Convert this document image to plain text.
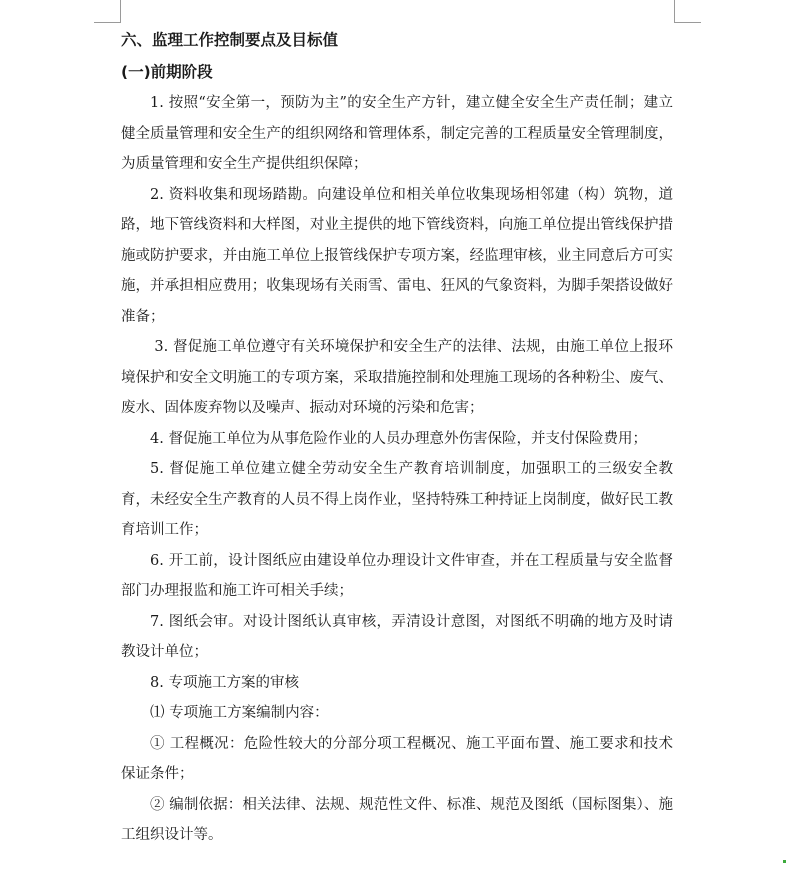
六、监理工作控制要点及目标值
(一)前期阶段

1. 按照“安全第一，预防为主”的安全生产方针，建立健全安全生产责任制；建立健全质量管理和安全生产的组织网络和管理体系，制定完善的工程质量安全管理制度，为质量管理和安全生产提供组织保障；

2. 资料收集和现场踏勘。向建设单位和相关单位收集现场相邻建（构）筑物，道路，地下管线资料和大样图，对业主提供的地下管线资料，向施工单位提出管线保护措施或防护要求，并由施工单位上报管线保护专项方案，经监理审核，业主同意后方可实施，并承担相应费用；收集现场有关雨雪、雷电、狂风的气象资料，为脚手架搭设做好准备；

3. 督促施工单位遵守有关环境保护和安全生产的法律、法规，由施工单位上报环境保护和安全文明施工的专项方案，采取措施控制和处理施工现场的各种粉尘、废气、废水、固体废弃物以及噪声、振动对环境的污染和危害；

4. 督促施工单位为从事危险作业的人员办理意外伤害保险，并支付保险费用；

5. 督促施工单位建立健全劳动安全生产教育培训制度，加强职工的三级安全教育，未经安全生产教育的人员不得上岗作业，坚持特殊工种持证上岗制度，做好民工教育培训工作；

6. 开工前，设计图纸应由建设单位办理设计文件审查，并在工程质量与安全监督部门办理报监和施工许可相关手续；

7. 图纸会审。对设计图纸认真审核，弄清设计意图，对图纸不明确的地方及时请教设计单位；

8. 专项施工方案的审核

⑴ 专项施工方案编制内容：

① 工程概况：危险性较大的分部分项工程概况、施工平面布置、施工要求和技术保证条件；

② 编制依据：相关法律、法规、规范性文件、标准、规范及图纸（国标图集）、施工组织设计等。
